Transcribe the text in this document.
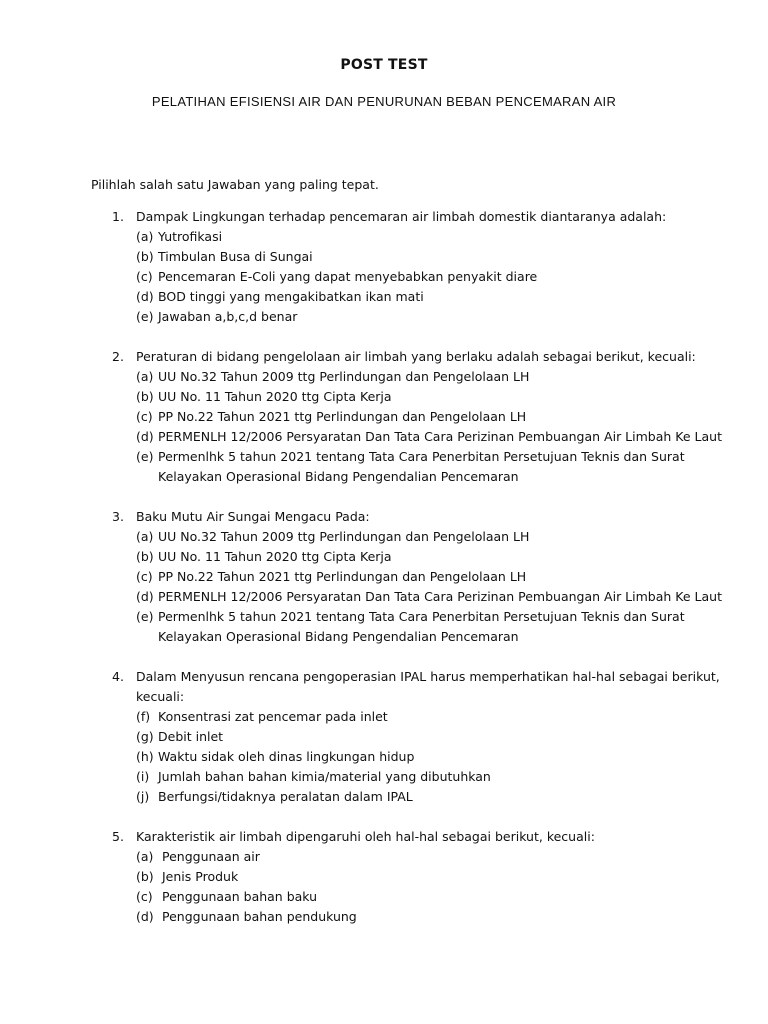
POST TEST
PELATIHAN EFISIENSI AIR DAN PENURUNAN BEBAN PENCEMARAN AIR
Pilihlah salah satu Jawaban yang paling tepat.
1. Dampak Lingkungan terhadap pencemaran air limbah domestik diantaranya adalah:
(a) Yutrofikasi
(b) Timbulan Busa di Sungai
(c) Pencemaran E-Coli yang dapat menyebabkan penyakit diare
(d) BOD tinggi yang mengakibatkan ikan mati
(e) Jawaban a,b,c,d benar
2. Peraturan di bidang pengelolaan air limbah yang berlaku adalah sebagai berikut, kecuali:
(a) UU No.32 Tahun 2009 ttg Perlindungan dan Pengelolaan LH
(b) UU No. 11 Tahun 2020 ttg Cipta Kerja
(c) PP No.22 Tahun 2021 ttg Perlindungan dan Pengelolaan LH
(d) PERMENLH 12/2006 Persyaratan Dan Tata Cara Perizinan Pembuangan Air Limbah Ke Laut
(e) Permenlhk 5 tahun 2021 tentang Tata Cara Penerbitan Persetujuan Teknis dan Surat
Kelayakan Operasional Bidang Pengendalian Pencemaran
3. Baku Mutu Air Sungai Mengacu Pada:
(a) UU No.32 Tahun 2009 ttg Perlindungan dan Pengelolaan LH
(b) UU No. 11 Tahun 2020 ttg Cipta Kerja
(c) PP No.22 Tahun 2021 ttg Perlindungan dan Pengelolaan LH
(d) PERMENLH 12/2006 Persyaratan Dan Tata Cara Perizinan Pembuangan Air Limbah Ke Laut
(e) Permenlhk 5 tahun 2021 tentang Tata Cara Penerbitan Persetujuan Teknis dan Surat
Kelayakan Operasional Bidang Pengendalian Pencemaran
4. Dalam Menyusun rencana pengoperasian IPAL harus memperhatikan hal-hal sebagai berikut,
kecuali:
(f) Konsentrasi zat pencemar pada inlet
(g) Debit inlet
(h) Waktu sidak oleh dinas lingkungan hidup
(i) Jumlah bahan bahan kimia/material yang dibutuhkan
(j) Berfungsi/tidaknya peralatan dalam IPAL
5. Karakteristik air limbah dipengaruhi oleh hal-hal sebagai berikut, kecuali:
(a) Penggunaan air
(b) Jenis Produk
(c) Penggunaan bahan baku
(d) Penggunaan bahan pendukung
